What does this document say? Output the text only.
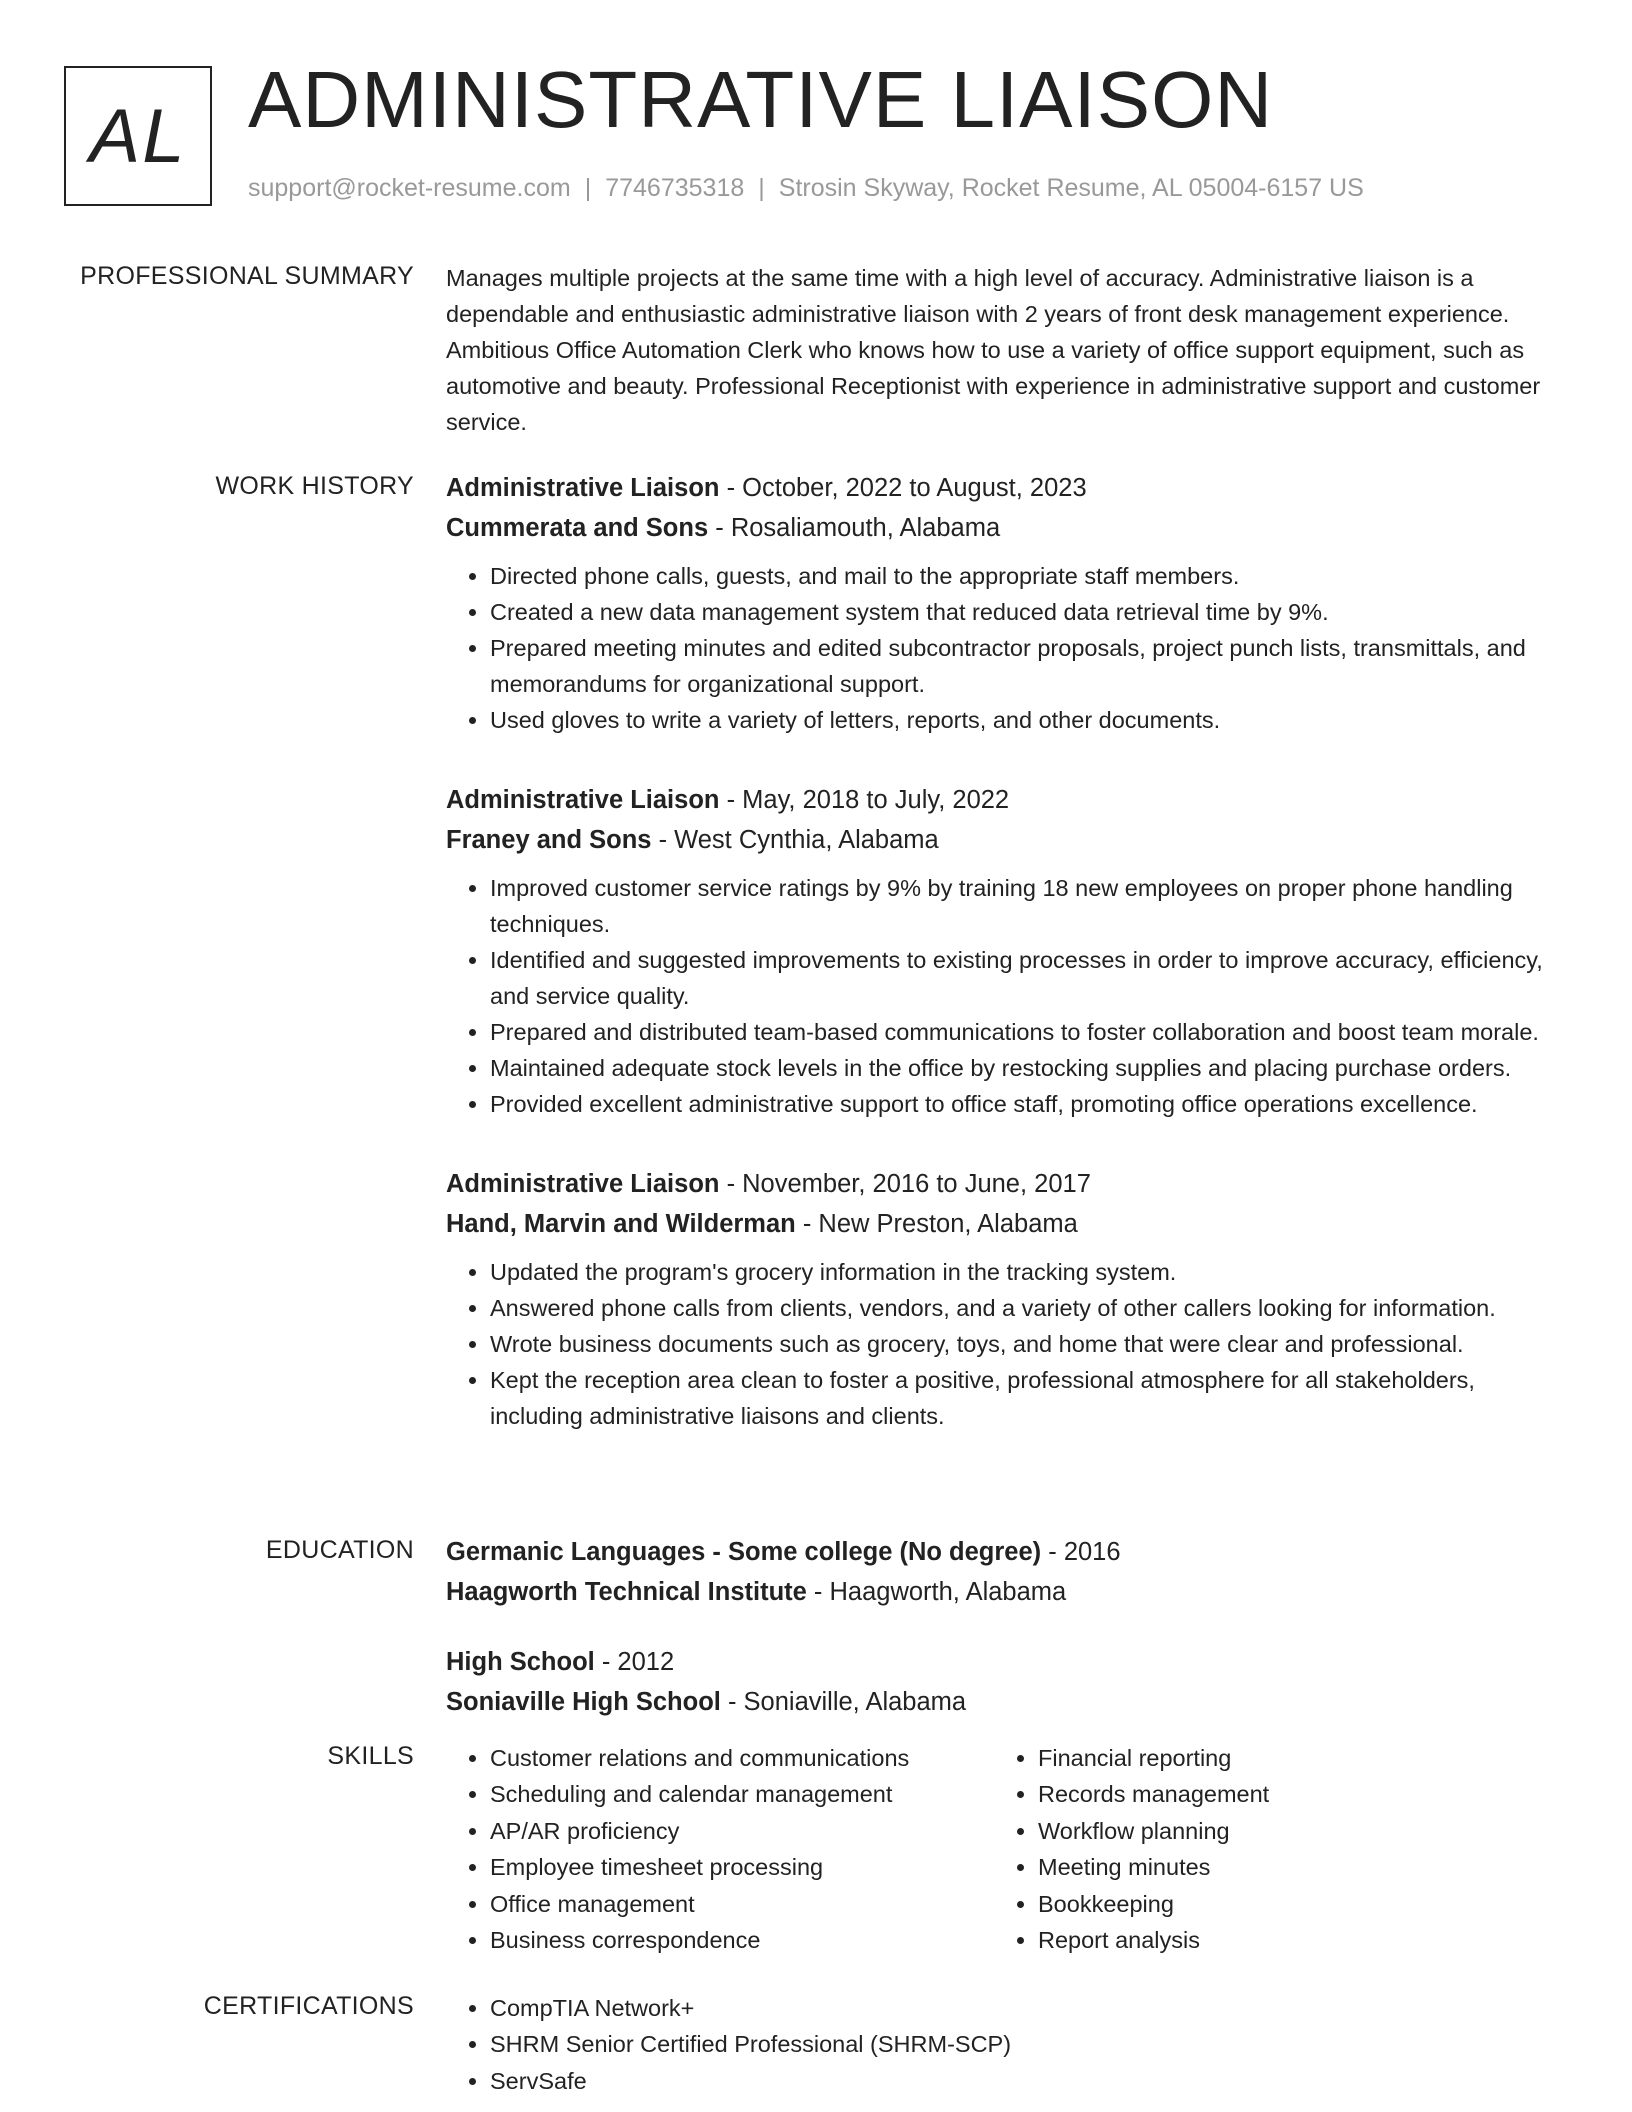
AL ADMINISTRATIVE LIAISON
support@rocket-resume.com | 7746735318 | Strosin Skyway, Rocket Resume, AL 05004-6157 US
PROFESSIONAL SUMMARY Manages multiple projects at the same time with a high level of accuracy. Administrative liaison is a dependable and enthusiastic administrative liaison with 2 years of front desk management experience. Ambitious Office Automation Clerk who knows how to use a variety of office support equipment, such as automotive and beauty. Professional Receptionist with experience in administrative support and customer service.
WORK HISTORY Administrative Liaison - October, 2022 to August, 2023
Cummerata and Sons - Rosaliamouth, Alabama
• Directed phone calls, guests, and mail to the appropriate staff members.
• Created a new data management system that reduced data retrieval time by 9%.
• Prepared meeting minutes and edited subcontractor proposals, project punch lists, transmittals, and memorandums for organizational support.
• Used gloves to write a variety of letters, reports, and other documents.
Administrative Liaison - May, 2018 to July, 2022
Franey and Sons - West Cynthia, Alabama
• Improved customer service ratings by 9% by training 18 new employees on proper phone handling techniques.
• Identified and suggested improvements to existing processes in order to improve accuracy, efficiency, and service quality.
• Prepared and distributed team-based communications to foster collaboration and boost team morale.
• Maintained adequate stock levels in the office by restocking supplies and placing purchase orders.
• Provided excellent administrative support to office staff, promoting office operations excellence.
Administrative Liaison - November, 2016 to June, 2017
Hand, Marvin and Wilderman - New Preston, Alabama
• Updated the program's grocery information in the tracking system.
• Answered phone calls from clients, vendors, and a variety of other callers looking for information.
• Wrote business documents such as grocery, toys, and home that were clear and professional.
• Kept the reception area clean to foster a positive, professional atmosphere for all stakeholders, including administrative liaisons and clients.
EDUCATION Germanic Languages - Some college (No degree) - 2016
Haagworth Technical Institute - Haagworth, Alabama
High School - 2012
Soniaville High School - Soniaville, Alabama
SKILLS	• Customer relations and communications
• Scheduling and calendar management
• AP/AR proficiency
• Employee timesheet processing
• Office management
• Business correspondence
• Financial reporting
• Records management
• Workflow planning
• Meeting minutes
• Bookkeeping
• Report analysis
CERTIFICATIONS	• CompTIA Network+
• SHRM Senior Certified Professional (SHRM-SCP)
• ServSafe
